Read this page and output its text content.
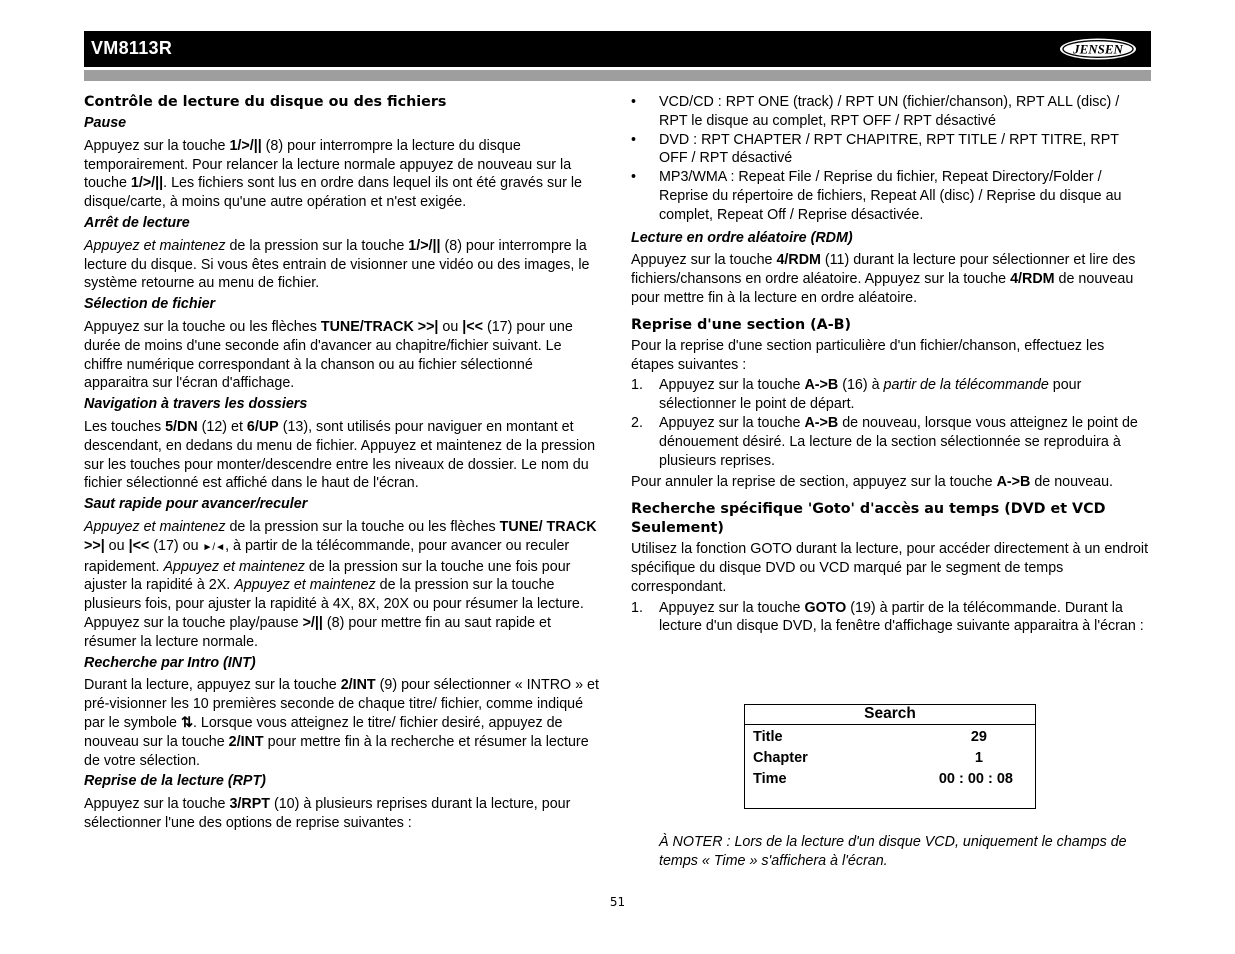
VM8113R	JENSEN
Contrôle de lecture du disque ou des fichiers
Pause

Appuyez sur la touche 1/>/|| (8) pour interrompre la lecture du disque temporairement. Pour relancer la lecture normale appuyez de nouveau sur la touche 1/>/||. Les fichiers sont lus en ordre dans lequel ils ont été gravés sur le disque/carte, à moins qu'une autre opération et n'est exigée.

Arrêt de lecture

Appuyez et maintenez de la pression sur la touche 1/>/|| (8) pour interrompre la lecture du disque. Si vous êtes entrain de visionner une vidéo ou des images, le système retourne au menu de fichier.

Sélection de fichier

Appuyez sur la touche ou les flèches TUNE/TRACK >>| ou |<< (17) pour une durée de moins d'une seconde afin d'avancer au chapitre/fichier suivant. Le chiffre numérique correspondant à la chanson ou au fichier sélectionné apparaitra sur l'écran d'affichage.

Navigation à travers les dossiers

Les touches 5/DN (12) et 6/UP (13), sont utilisés pour naviguer en montant et descendant, en dedans du menu de fichier. Appuyez et maintenez de la pression sur les touches pour monter/descendre entre les niveaux de dossier. Le nom du fichier sélectionné est affiché dans le haut de l'écran.

Saut rapide pour avancer/reculer

Appuyez et maintenez de la pression sur la touche ou les flèches TUNE/ TRACK >>| ou |<< (17) ou ►/◄, à partir de la télécommande, pour avancer ou reculer rapidement. Appuyez et maintenez de la pression sur la touche une fois pour ajuster la rapidité à 2X. Appuyez et maintenez de la pression sur la touche plusieurs fois, pour ajuster la rapidité à 4X, 8X, 20X ou pour résumer la lecture. Appuyez sur la touche play/pause >/|| (8) pour mettre fin au saut rapide et résumer la lecture normale.

Recherche par Intro (INT)

Durant la lecture, appuyez sur la touche 2/INT (9) pour sélectionner « INTRO » et pré-visionner les 10 premières seconde de chaque titre/ fichier, comme indiqué par le symbole ⇅. Lorsque vous atteignez le titre/ fichier desiré, appuyez de nouveau sur la touche 2/INT pour mettre fin à la recherche et résumer la lecture de votre sélection.

Reprise de la lecture (RPT)

Appuyez sur la touche 3/RPT (10) à plusieurs reprises durant la lecture, pour sélectionner l'une des options de reprise suivantes :

• VCD/CD : RPT ONE (track) / RPT UN (fichier/chanson), RPT ALL (disc) / RPT le disque au complet, RPT OFF / RPT désactivé
• DVD : RPT CHAPTER / RPT CHAPITRE, RPT TITLE / RPT TITRE, RPT OFF / RPT désactivé
• MP3/WMA : Repeat File / Reprise du fichier, Repeat Directory/Folder / Reprise du répertoire de fichiers, Repeat All (disc) / Reprise du disque au complet, Repeat Off / Reprise désactivée.
Lecture en ordre aléatoire (RDM)

Appuyez sur la touche 4/RDM (11) durant la lecture pour sélectionner et lire des fichiers/chansons en ordre aléatoire. Appuyez sur la touche 4/RDM de nouveau pour mettre fin à la lecture en ordre aléatoire.

Reprise d'une section (A-B)

Pour la reprise d'une section particulière d'un fichier/chanson, effectuez les étapes suivantes :

1. Appuyez sur la touche A->B (16) à partir de la télécommande pour sélectionner le point de départ.
2. Appuyez sur la touche A->B de nouveau, lorsque vous atteignez le point de dénouement désiré. La lecture de la section sélectionnée se reproduira à plusieurs reprises.

Pour annuler la reprise de section, appuyez sur la touche A->B de nouveau.

Recherche spécifique 'Goto' d'accès au temps (DVD et VCD Seulement)

Utilisez la fonction GOTO durant la lecture, pour accéder directement à un endroit spécifique du disque DVD ou VCD marqué par le segment de temps correspondant.

1. Appuyez sur la touche GOTO (19) à partir de la télécommande. Durant la lecture d'un disque DVD, la fenêtre d'affichage suivante apparaitra à l'écran :
Search
Title	29
Chapter	1
Time	00 : 00 : 08
À NOTER : Lors de la lecture d'un disque VCD, uniquement le champs de temps « Time » s'affichera à l'écran.
51
